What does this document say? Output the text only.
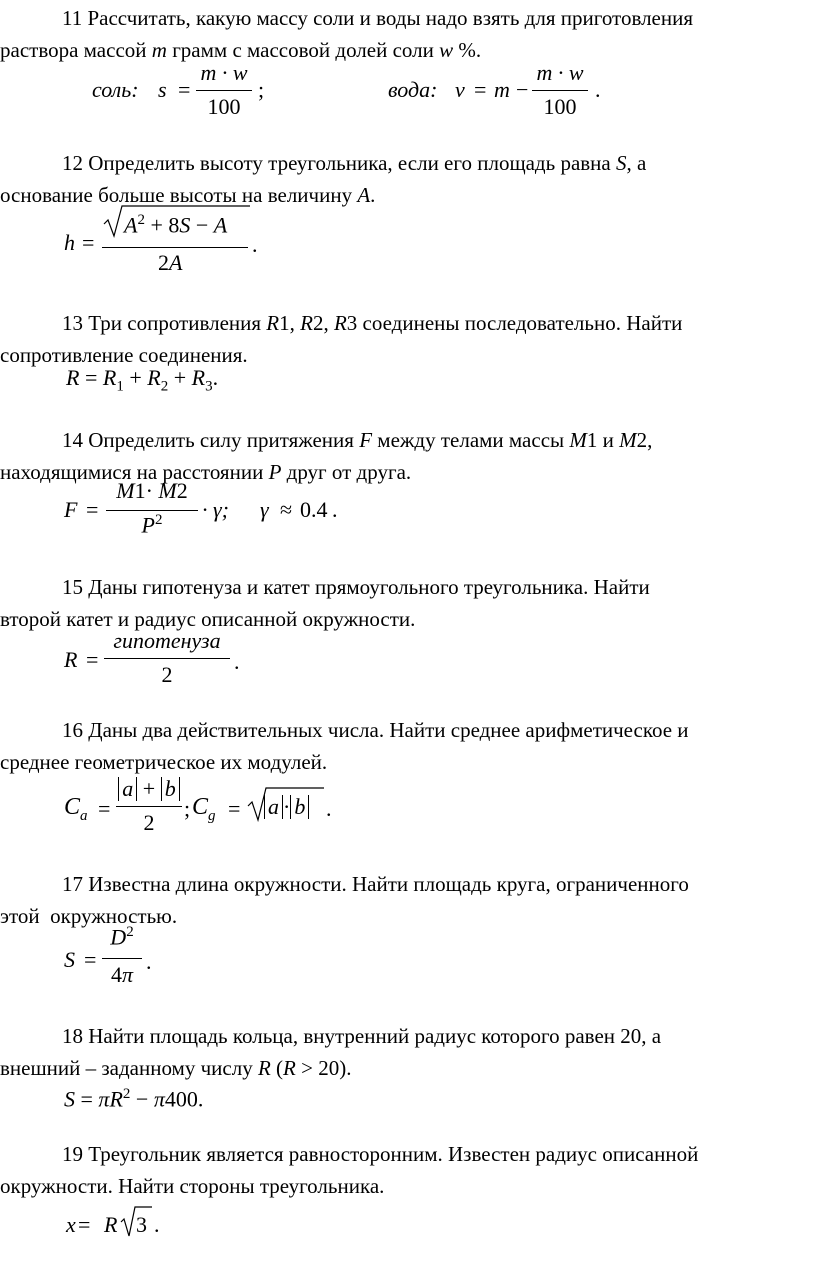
11 Рассчитать, какую массу соли и воды надо взять для приготовления
раствора массой m грамм с массовой долей соли w %.
соль: s =
m · w
100
;	вода: v = m −
m · w
100
.
12 Определить высоту треугольника, если его площадь равна S, а
основание больше высоты на величину A.
h =
$A^2 + 8S - A$
2A
.
13 Три сопротивления R1, R2, R3 соединены последовательно. Найти
сопротивление соединения.
$R = R_1 + R_2 + R_3$.
14 Определить силу притяжения F между телами массы M1 и M2,
находящимися на расстоянии P друг от друга.
F =
M1· M2
$P^2$	· γ; γ ≈ 0.4 .
15 Даны гипотенуза и катет прямоугольного треугольника. Найти
второй катет и радиус описанной окружности.
R =
гипотенуза
2
.
16 Даны два действительных числа. Найти среднее арифметическое и
среднее геометрическое их модулей.
$C_a$ =
a + b
2
; $C_g = a \cdot b$ .
17 Известна длина окружности. Найти площадь круга, ограниченного
этой  окружностью.
S =
$D^2$
4π
.
18 Найти площадь кольца, внутренний радиус которого равен 20, а
внешний – заданному числу R (R > 20).
$S = \pi R^2 - \pi 400$.
19 Треугольник является равносторонним. Известен радиус описанной
окружности. Найти стороны треугольника.
x = R 3 .
